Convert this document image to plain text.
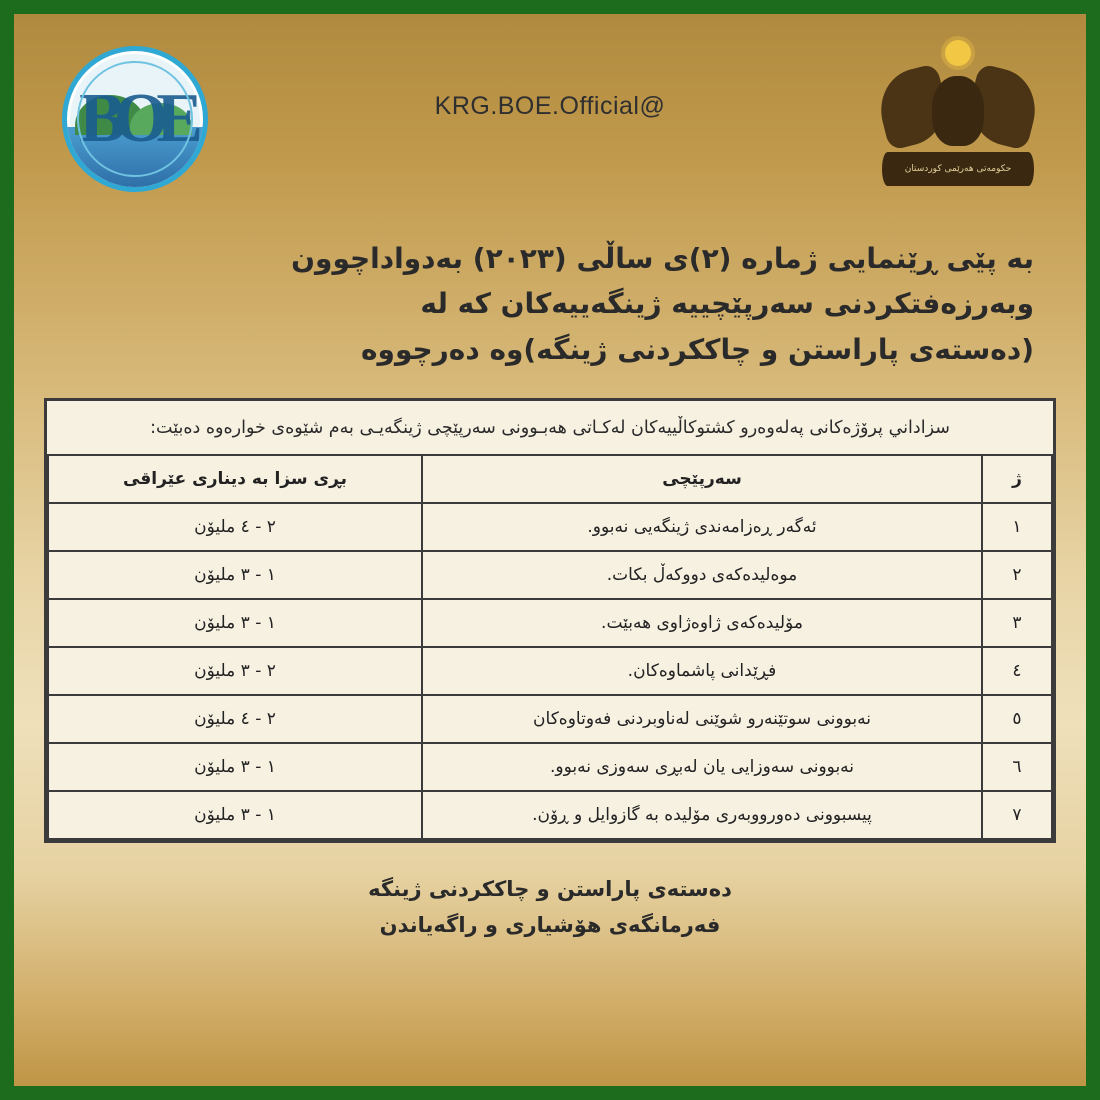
BOE	@KRG.BOE.Official
حكومەتى هەرێمى كوردستان
بە پێی ڕێنمایی ژمارە (٢)ی ساڵی (٢٠٢٣) بەدواداچوون
وبەرزەفتکردنی سەرپێچییە ژینگەییەکان کە لە
(دەستەی پاراستن و چاککردنی ژینگە)وە دەرچووە
سزاداني پرۆژەکانی پەلەوەرو کشتوکاڵییەکان لەکـاتی هەبـوونی سەرپێچی ژینگەیـی بەم شێوەی خوارەوە دەبێت:
ژ	سەرپێچی	بڕی سزا بە دیناری عێراقی
١	ئەگەر ڕەزامەندی ژینگەیی نەبوو.	٢ - ٤ ملیۆن
٢	موەلیدەکەی دووکەڵ بکات.	١ - ٣ ملیۆن
٣	مۆلیدەکەی ژاوەژاوی هەبێت.	١ - ٣ ملیۆن
٤	فڕێدانی پاشماوەکان.	٢ - ٣ ملیۆن
٥	نەبوونی سوتێنەرو شوێنی لەناوبردنی فەوتاوەکان	٢ - ٤ ملیۆن
٦	نەبوونی سەوزایی یان لەبڕی سەوزی نەبوو.	١ - ٣ ملیۆن
٧	پیسبوونی دەورووبەری مۆلیدە بە گازوایل و ڕۆن.	١ - ٣ ملیۆن
دەستەی پاراستن و چاککردنی ژینگە
فەرمانگەی هۆشیاری و راگەیاندن
